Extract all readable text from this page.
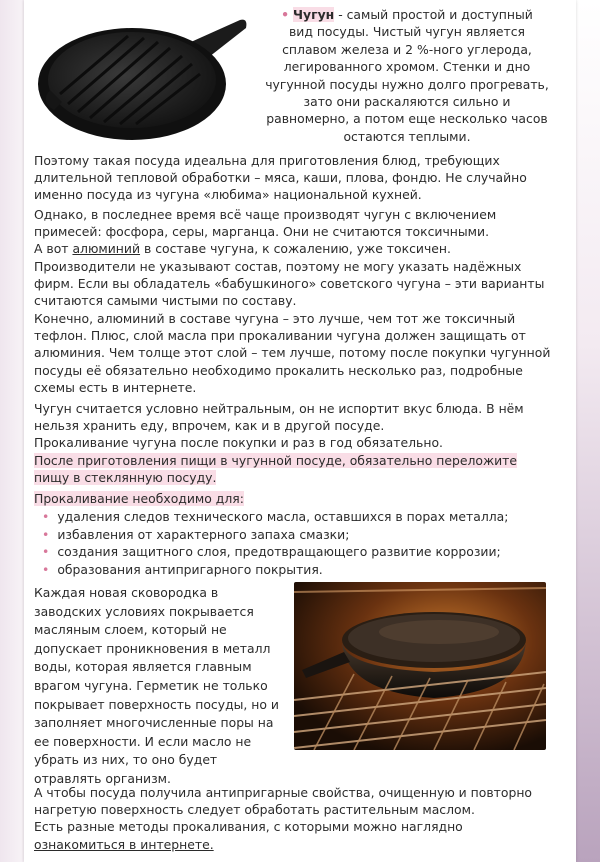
• Чугун - самый простой и доступный
вид посуды. Чистый чугун является
сплавом железа и 2 %-ного углерода,
легированного хромом. Стенки и дно
чугунной посуды нужно долго прогревать,
зато они раскаляются сильно и
равномерно, а потом еще несколько часов
остаются теплыми.
Поэтому такая посуда идеальна для приготовления блюд, требующих
длительной тепловой обработки – мяса, каши, плова, фондю. Не случайно
именно посуда из чугуна «любима» национальной кухней.
Однако, в последнее время всё чаще производят чугун с включением
примесей: фосфора, серы, марганца. Они не считаются токсичными.
А вот алюминий в составе чугуна, к сожалению, уже токсичен.
Производители не указывают состав, поэтому не могу указать надёжных
фирм. Если вы обладатель «бабушкиного» советского чугуна – эти варианты
считаются самыми чистыми по составу.
Конечно, алюминий в составе чугуна – это лучше, чем тот же токсичный
тефлон. Плюс, слой масла при прокаливании чугуна должен защищать от
алюминия. Чем толще этот слой – тем лучше, потому после покупки чугунной
посуды её обязательно необходимо прокалить несколько раз, подробные
схемы есть в интернете.
Чугун считается условно нейтральным, он не испортит вкус блюда. В нём
нельзя хранить еду, впрочем, как и в другой посуде.
Прокаливание чугуна после покупки и раз в год обязательно.
После приготовления пищи в чугунной посуде, обязательно переложите
пищу в стеклянную посуду.
Прокаливание необходимо для:
• удаления следов технического масла, оставшихся в порах металла;
• избавления от характерного запаха смазки;
• создания защитного слоя, предотвращающего развитие коррозии;
• образования антипригарного покрытия.
Каждая новая сковородка в
заводских условиях покрывается
масляным слоем, который не
допускает проникновения в металл
воды, которая является главным
врагом чугуна. Герметик не только
покрывает поверхность посуды, но и
заполняет многочисленные поры на
ее поверхности. И если масло не
убрать из них, то оно будет
отравлять организм.
А чтобы посуда получила антипригарные свойства, очищенную и повторно
нагретую поверхность следует обработать растительным маслом.
Есть разные методы прокаливания, с которыми можно наглядно
ознакомиться в интернете.
